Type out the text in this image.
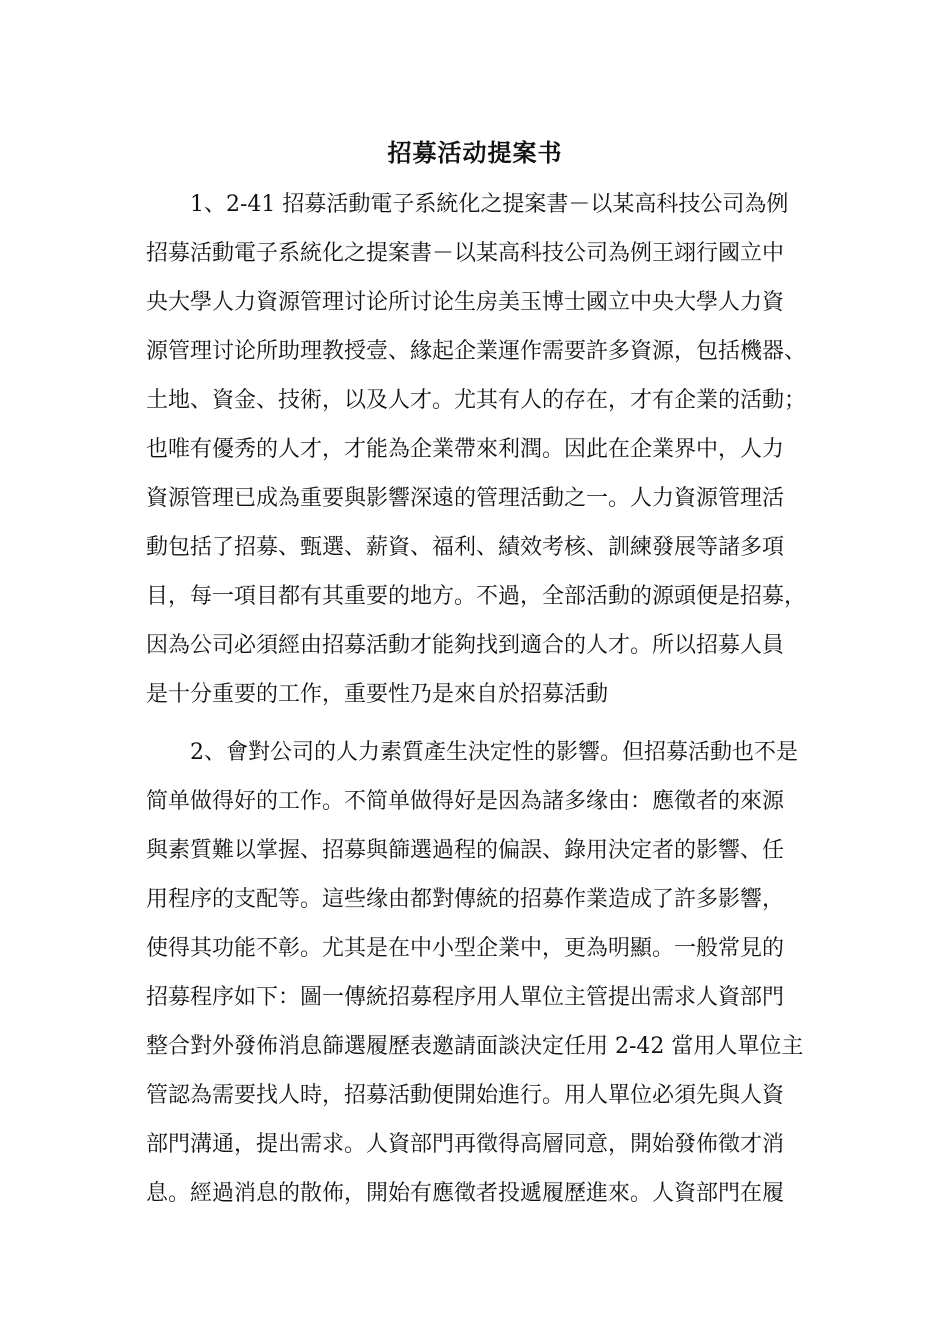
招募活动提案书
1、2-41 招募活動電子系統化之提案書－以某高科技公司為例
招募活動電子系統化之提案書－以某高科技公司為例王翊行國立中
央大學人力資源管理讨论所讨论生房美玉博士國立中央大學人力資
源管理讨论所助理教授壹、緣起企業運作需要許多資源，包括機器、
土地、資金、技術，以及人才。尤其有人的存在，才有企業的活動；
也唯有優秀的人才，才能為企業帶來利潤。因此在企業界中，人力
資源管理已成為重要與影響深遠的管理活動之一。人力資源管理活
動包括了招募、甄選、薪資、福利、績效考核、訓練發展等諸多項
目，每一項目都有其重要的地方。不過，全部活動的源頭便是招募，
因為公司必須經由招募活動才能夠找到適合的人才。所以招募人員
是十分重要的工作，重要性乃是來自於招募活動
2、會對公司的人力素質產生決定性的影響。但招募活動也不是
简单做得好的工作。不简单做得好是因為諸多缘由：應徵者的來源
與素質難以掌握、招募與篩選過程的偏誤、錄用決定者的影響、任
用程序的支配等。這些缘由都對傳統的招募作業造成了許多影響，
使得其功能不彰。尤其是在中小型企業中，更為明顯。一般常見的
招募程序如下：圖一傳統招募程序用人單位主管提出需求人資部門
整合對外發佈消息篩選履歷表邀請面談決定任用 2-42 當用人單位主
管認為需要找人時，招募活動便開始進行。用人單位必須先與人資
部門溝通，提出需求。人資部門再徵得高層同意，開始發佈徵才消
息。經過消息的散佈，開始有應徵者投遞履歷進來。人資部門在履
